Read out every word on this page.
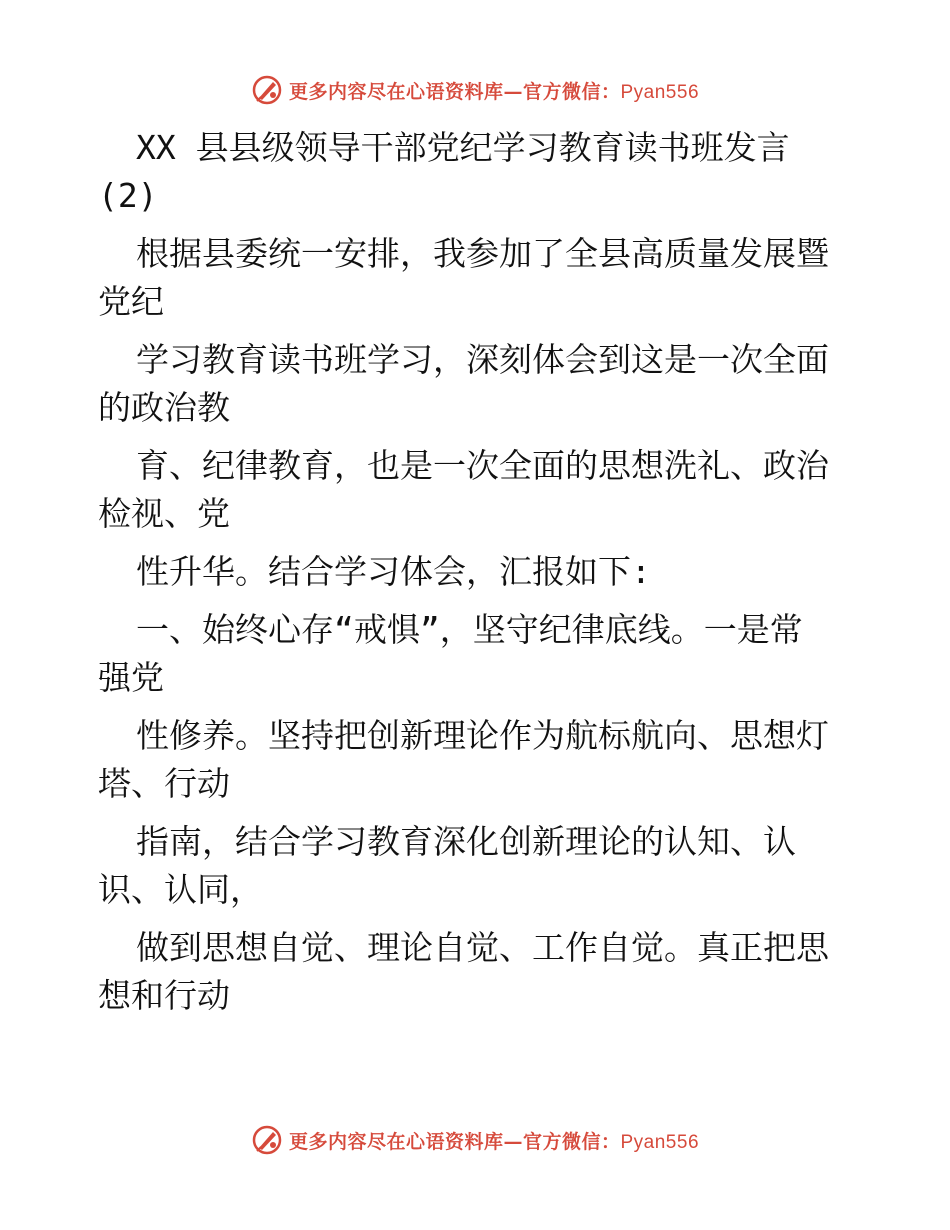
更多内容尽在心语资料库—官方微信：Pyan556
XX 县县级领导干部党纪学习教育读书班发言
(2)
根据县委统一安排，我参加了全县高质量发展暨
党纪
学习教育读书班学习，深刻体会到这是一次全面
的政治教
育、纪律教育，也是一次全面的思想洗礼、政治
检视、党
性升华。结合学习体会，汇报如下:
一、始终心存“戒惧”，坚守纪律底线。一是常
强党
性修养。坚持把创新理论作为航标航向、思想灯
塔、行动
指南，结合学习教育深化创新理论的认知、认
识、认同，
做到思想自觉、理论自觉、工作自觉。真正把思
想和行动
更多内容尽在心语资料库—官方微信：Pyan556
